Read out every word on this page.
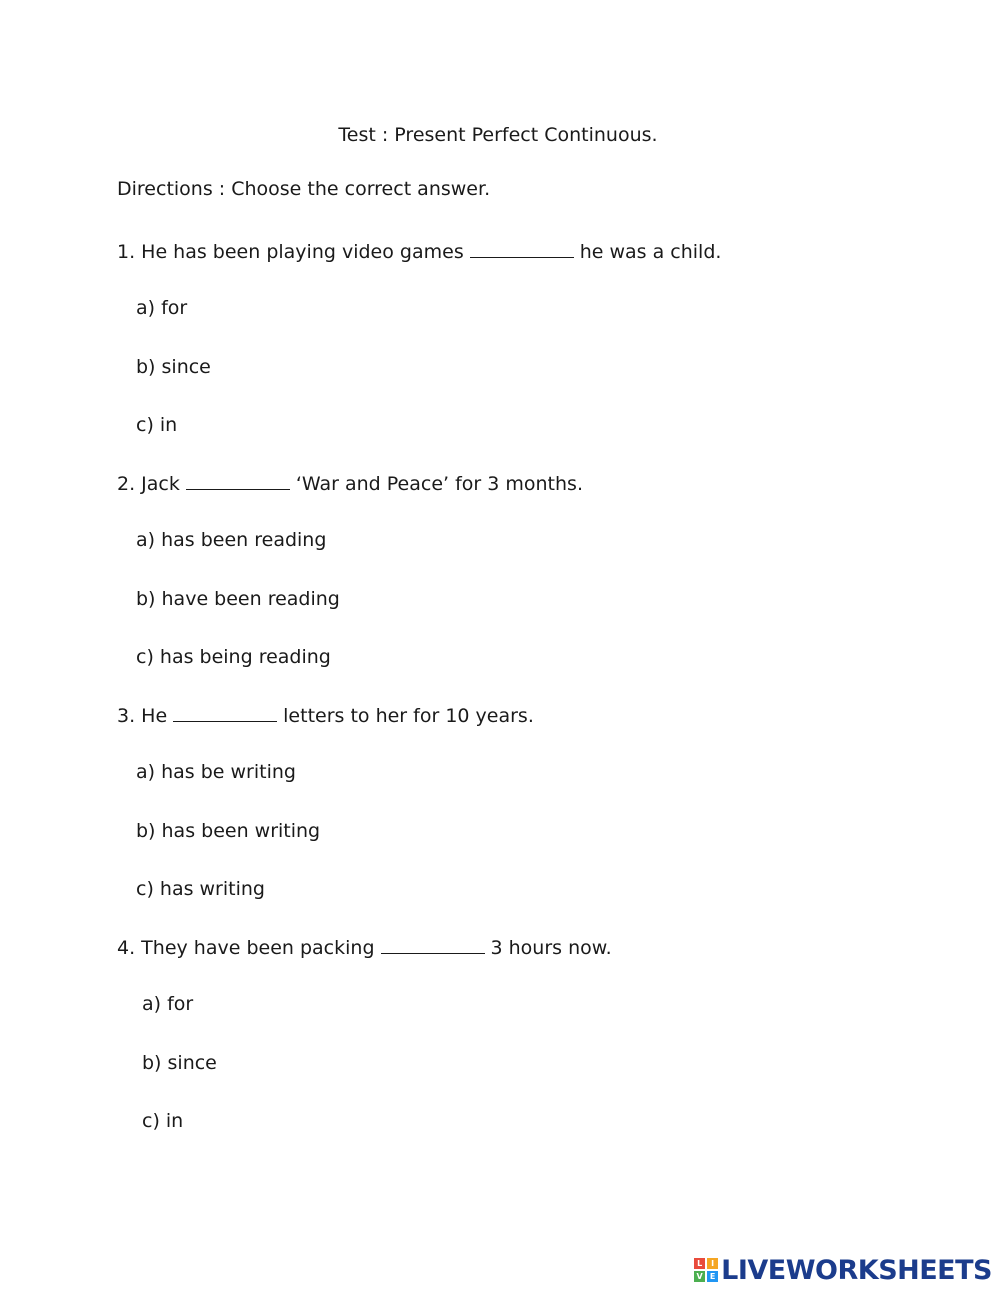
Test : Present Perfect Continuous.

Directions : Choose the correct answer.

1. He has been playing video games	he was a child.

a) for

b) since

c) in

2. Jack	‘War and Peace’ for 3 months.

a) has been reading

b) have been reading

c) has being reading

3. He	letters to her for 10 years.

a) has be writing

b) has been writing

c) has writing

4. They have been packing	3 hours now.

a) for

b) since

c) in

L	I
V E LIVEWORKSHEETS
